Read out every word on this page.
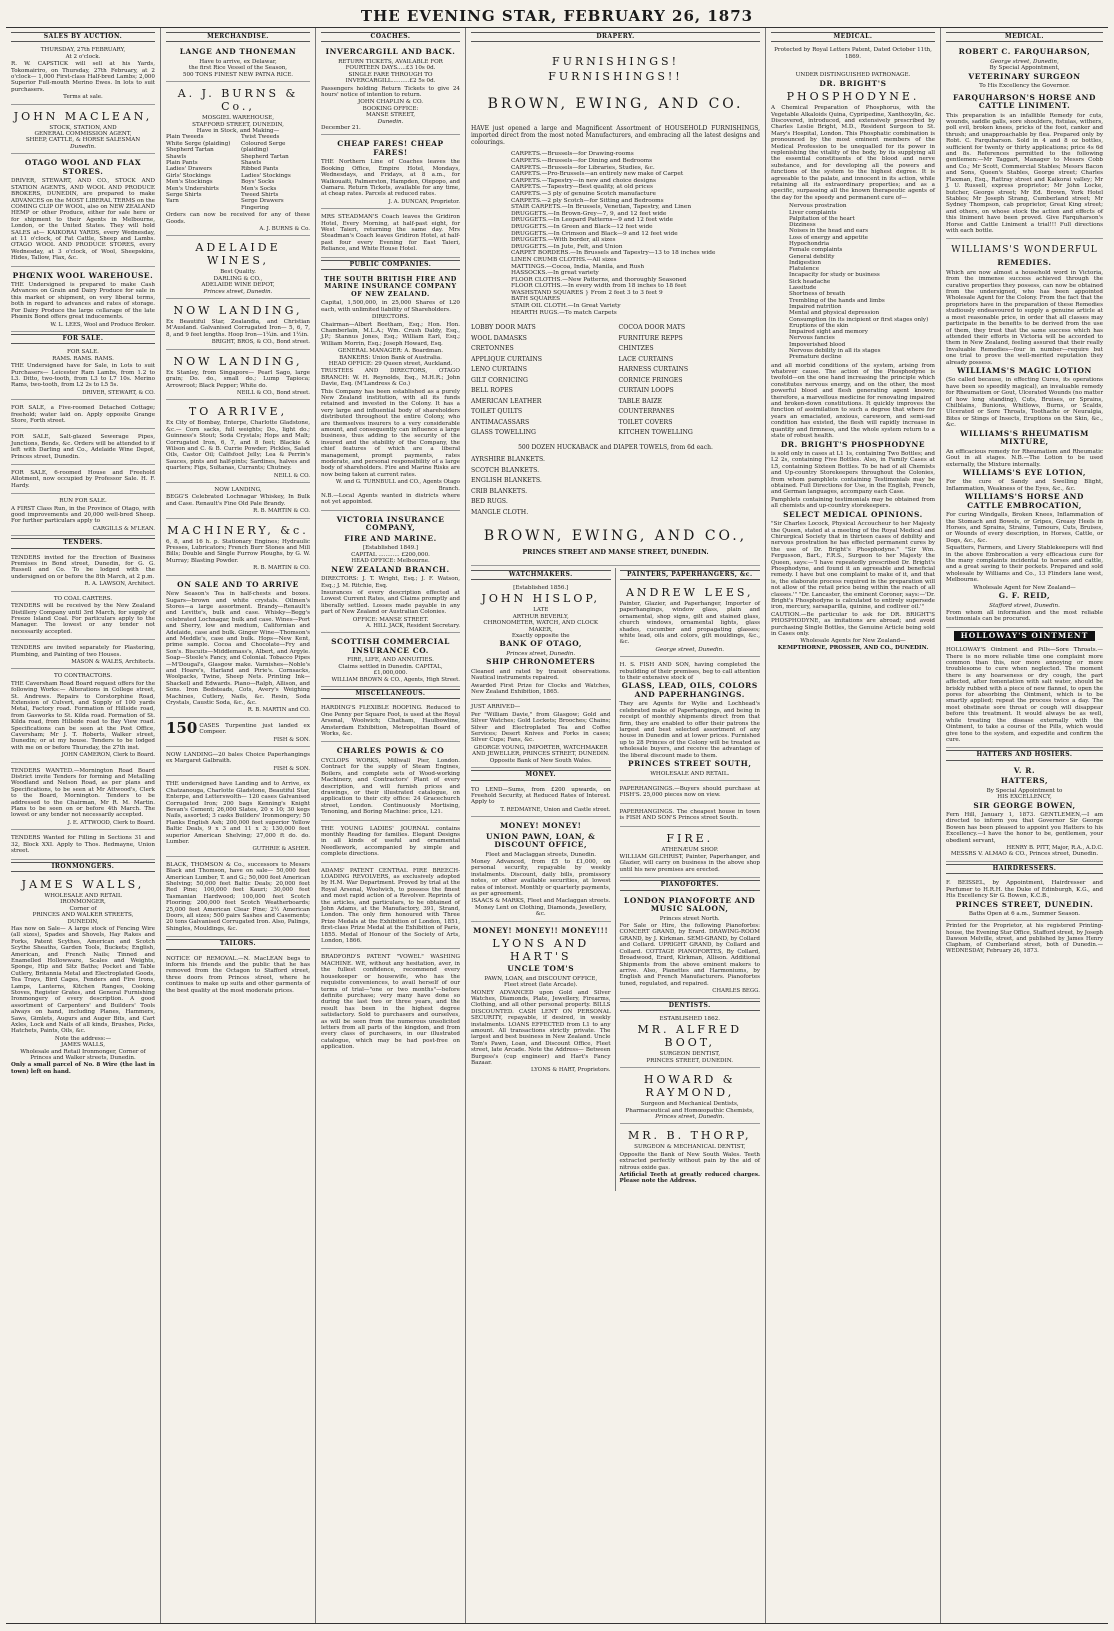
THE EVENING STAR, FEBRUARY 26, 1873
SALES BY AUCTION.
THURSDAY, 27th FEBRUARY,
At 2 o'clock.

R. W. CAPSTICK will sell at his Yards, Tokomairiro, on Thursday, 27th February, at 2 o'clock— 1,000 First-class Half-bred Lambs; 2,000 Superior Full-mouth Merino Ewes. In lots to suit purchasers.

Terms at sale.
JOHN MACLEAN,
STOCK, STATION, AND
GENERAL COMMISSION AGENT,
SHEEP, CATTLE, & HORSE SALESMAN
Dunedin.
OTAGO WOOL AND FLAX STORES.

DRIVER, STEWART, AND CO., STOCK AND STATION AGENTS, AND WOOL AND PRODUCE BROKERS, DUNEDIN, are prepared to make ADVANCES on the MOST LIBERAL TERMS on the COMING CLIP OF WOOL, also on NEW ZEALAND HEMP or other Produce, either for sale here or for shipment to their Agents in Melbourne, London, or the United States. They will hold SALES at— KAIKORAI YARDS, every Wednesday, at 11 o'clock, of Fat Cattle, Sheep and Lambs. OTAGO WOOL AND PRODUCE STORES, every Wednesday, at 3 o'clock, of Wool, Sheepskins, Hides, Tallow, Flax, &c.

PHŒNIX WOOL WAREHOUSE.

THE Undersigned is prepared to make Cash Advances on Grain and Dairy Produce for sale in this market or shipment, on very liberal terms, both in regard to advances and rates of storage. For Dairy Produce the large cellarage of the late Phœnix Bond offers great inducements.

W. L. LEES, Wool and Produce Broker.
FOR SALE.
FOR SALE.
RAMS. RAMS. RAMS.

THE Undersigned have for Sale, in Lots to suit Purchasers— Leicester Ram Lambs, from 1.2 to L3. Ditto, two-tooth, from L3 to L7 10s. Merino Rams, two-tooth, from L2 2s to L5 5s.

DRIVER, STEWART, & CO.

FOR SALE, a Five-roomed Detached Cottage; freehold; water laid on. Apply opposite Grange Store, Forth street.

FOR SALE, Salt-glazed Sewerage Pipes, Junctions, Bends, &c. Orders will be attended to if left with Darling and Co., Adelaide Wine Depot, Princes street, Dunedin.

FOR SALE, 6-roomed House and Freehold Allotment, now occupied by Professor Sale. H. F. Hardy.

RUN FOR SALE.

A FIRST Class Run, in the Province of Otago, with good improvements and 20,000 well-bred Sheep. For further particulars apply to

CARGILLS & M'LEAN.
TENDERS.

TENDERS invited for the Erection of Business Premises in Bond street, Dunedin, for G. G. Russell and Co. To be lodged with the undersigned on or before the 8th March, at 2 p.m.

R. A. LAWSON, Architect.
TO COAL CARTERS.

TENDERS will be received by the New Zealand Distillery Company until 3rd March, for supply of Freeze Island Coal. For particulars apply to the Manager. The lowest or any tender not necessarily accepted.

TENDERS are invited separately for Plastering, Plumbing, and Painting of two Houses.

MASON & WALES, Architects.
TO CONTRACTORS.

THE Caversham Road Board request offers for the following Works:— Alterations in College street, St. Andrews. Repairs to Corstorphine Road, Extension of Culvert, and Supply of 100 yards Metal, Factory road. Formation of Hillside road, from Gasworks to St. Kilda road. Formation of St. Kilda road, from Hillside road to Bay View road. Specifications can be seen at the Post Office, Caversham; Mr J. T. Roberts, Walker street, Dunedin; or at my house. Tenders to be lodged with me on or before Thursday, the 27th inst.

JOHN CAMERON, Clerk to Board.

TENDERS WANTED.—Mornington Road Board District invite Tenders for forming and Metalling Woodland and Nelson Road, as per plans and Specifications, to be seen at Mr Attwood's, Clerk to the Board, Mornington. Tenders to be addressed to the Chairman, Mr R. M. Martin. Plans to be seen on or before 4th March. The lowest or any tender not necessarily accepted.

J. E. ATTWOOD, Clerk to Board.

TENDERS Wanted for Filling in Sections 31 and 32, Block XXI. Apply to Thos. Redmayne, Union street.

IRONMONGERS.
JAMES WALLS,
WHOLESALE AND RETAIL
IRONMONGER,
Corner of
PRINCES AND WALKER STREETS,
DUNEDIN,

Has now on Sale— A large stock of Fencing Wire (all sizes), Spades and Shovels, Hay Rakes and Forks, Patent Scythes, American and Scotch Scythe Sheaths, Garden Tools, Buckets; English, American, and French Nails; Tinned and Enamelled Hollowware, Scales and Weights, Sponge, Hip and Sitz Baths; Pocket and Table Cutlery, Britannia Metal and Electroplated Goods, Tea Trays, Bird Cages, Fenders and Fire Irons, Lamps, Lanterns, Kitchen Ranges, Cooking Stoves, Register Grates, and General Furnishing Ironmongery of every description. A good assortment of Carpenters' and Builders' Tools always on hand, including Planes, Hammers, Saws, Gimlets, Augurs and Auger Bits, and Cart Axles, Lock and Nails of all kinds, Brushes, Picks, Hatchets, Paints, Oils, &c.

Note the address:—
JAMES WALLS,
Wholesale and Retail Ironmonger, Corner of Princes and Walker streets, Dunedin.

Only a small parcel of No. 8 Wire (the last in town) left on hand.

MERCHANDISE.
LANGE AND THONEMAN
Have to arrive, ex Delawar,
the first Rice Vessel of the Season,
500 TONS FINEST NEW PATNA RICE.
A. J. BURNS & Co.,
MOSGIEL WAREHOUSE,
STAFFORD STREET, DUNEDIN,
Have in Stock, and Making—

Plain Tweeds

White Serge (plaiding)

Shepherd Tartan Shawls

Plain Pants

Ladies' Drawers

Girls' Stockings

Men's Stockings

Men's Undershirts

Serge Shirts

Yarn

Twist Tweeds

Coloured Serge (plaiding)

Shepherd Tartan Shawls

Ribbed Pants

Ladies' Stockings

Boys' Socks

Men's Socks

Tweed Shirts

Serge Drawers

Fingering

Orders can now be received for any of these Goods.

A. J. BURNS & Co.
ADELAIDE WINES,
Best Quality.
DARLING & CO.,
ADELAIDE WINE DEPOT,
Princes street, Dunedin.
NOW LANDING,

Ex Beautiful Star, Zealandia, and Christian M'Ausland. Galvanised Corrugated Iron— 5, 6, 7, 8, and 9 feet lengths. Hoop Iron—1¼in. and 1½in.

BRIGHT, BROS, & CO., Bond street.
NOW LANDING,

Ex Stanley, from Singapore— Pearl Sago, large grain; Do. do., small do.; Lump Tapioca; Arrowroot; Black Pepper; White do.

NEILL & CO., Bond street.
TO ARRIVE,

Ex City of Bombay, Enterpe, Charlotte Gladstone, &c.— Corn sacks, full weights; Do., light do.; Guinness's Stout; Soda Crystals; Hops and Malt; Corrugated Iron, 6, 7, and 8 feet; Blackie & Wilson and C. & B. Currie Powder; Pickles, Salad Oils, Castor Oil; Calfsfoot Jelly; Lea & Perrin's Sauces, pints and half-pints; Sardines, halves and quarters; Figs, Sultanas, Currants; Chutney.

NEILL & CO.
NOW LANDING,

BEGG'S Celebrated Lochnagar Whiskey, In Bulk and Case. Renault's Fine Old Pale Brandy.

R. B. MARTIN & CO.
MACHINERY, &c.

6, 8, and 16 h. p. Stationary Engines; Hydraulic Presses, Lubricators; French Burr Stones and Mill Bills; Double and Single Furrow Ploughs, by G. W. Murray; Blasting Powder.

R. B. MARTIN & CO.
ON SALE AND TO ARRIVE

New Season's Tea in half-chests and boxes. Sugars—brown and white crystals. Oilmen's Stores—a large assortment. Brandy—Renault's and Levitte's, bulk and case. Whisky—Begg's celebrated Lochnagar, bulk and case. Wines—Port and Sherry, low and medium, Californian and Adelaide, case and bulk. Ginger Wine—Thomson's and Meddle's, case and bulk. Hops—New Kent, prime sample. Cocoa and Chocolate—Fry and Son's. Biscuits—Middlemass's, Albert, and Argyle. Soap—Steele's Fancy, and Colonial. Tobacco Pipes—M'Dougal's, Glasgow make. Varnishes—Noble's and Hoare's, Harland and Pirie's. Cornsacks, Woolpacks, Twine, Sheep Nets. Printing Ink—Shackell and Edwards. Piano—Ralph, Allison, and Sons. Iron Bedsteads, Cots, Avery's Weighing Machines, Cutlery, Nails, &c. Resin, Soda Crystals, Caustic Soda, &c., &c.

R. B. MARTIN and CO.
150 CASES Turpentine just landed ex Compeer.

FISH & SON.

NOW LANDING—20 bales Choice Paperhangings ex Margaret Galbraith.

FISH & SON.

THE undersigned have Landing and to Arrive, ex Chatzanouga, Charlotte Gladstone, Beautiful Star, Enterpe, and Letterswolth— 120 cases Galvanised Corrugated Iron; 200 bags Kenning's Knight Bevan's Cement; 26,000 Slates, 20 x 10; 30 kegs Nails, assorted; 3 casks Builders' Ironmongery; 50 Flanks English Ash; 200,000 feet superior Yellow Baltic Deals, 9 x 3 and 11 x 3; 130,000 feet superior American Shelving; 27,000 ft do. do. Lumber.

GUTHRIE & ASHER.

BLACK, THOMSON & Co., successors to Messrs Black and Thomson, have on sale— 50,000 feet American Lumber, T. and G.; 50,000 feet American Shelving; 50,000 feet Baltic Deals; 20,000 feet Red Pine; 100,000 feet Kauri; 30,000 feet Tasmanian Hardwood; 100,000 feet Scotch Flooring; 200,000 feet Scotch Weatherboards; 25,000 feet American Clear Pine; 2½ American Doors, all sizes; 500 pairs Sashes and Casements; 20 tons Galvanised Corrugated Iron. Also, Palings, Shingles, Mouldings, &c.

TAILORS.

NOTICE OF REMOVAL.—N. MacLEAN begs to inform his friends and the public that he has removed from the Octagon to Stafford street, three doors from Princes street, where he continues to make up suits and other garments of the best quality at the most moderate prices.

COACHES.
INVERCARGILL AND BACK.
RETURN TICKETS, AVAILABLE FOR
FOURTEEN DAYS.....£3 10s 0d.
SINGLE FARE THROUGH TO INVERCARGILL..........£2 5s 0d.

Passengers holding Return Tickets to give 24 hours' notice of intention to return.

JOHN CHAPLIN & CO.
BOOKING OFFICE:
MANSE STREET,
Dunedin.
December 21.
CHEAP FARES! CHEAP FARES!

THE Northern Line of Coaches leaves the Booking Office, Empire Hotel, Mondays, Wednesdays, and Fridays, at 8 a.m., for Waikouaiti, Palmerston, Hampden, Otepopo, and Oamaru. Return Tickets, available for any time, at cheap rates. Parcels at reduced rates.

J. A. DUNCAN, Proprietor.

MRS STEADMAN'S Coach leaves the Gridiron Hotel, Every Morning, at half-past eight, for West Taieri, returning the same day. Mrs Steadman's Coach leaves Gridiron Hotel, at half-past four every Evening for East Taieri, Reliance, and White House Hotel.

PUBLIC COMPANIES.
THE SOUTH BRITISH FIRE AND MARINE INSURANCE COMPANY OF NEW ZEALAND.

Capital, 1,500,000, in 25,000 Shares of L20 each, with unlimited liability of Shareholders.

DIRECTORS.

Chairman—Albert Beetham, Esq.; Hon. Hon. Chamberlain, M.L.A.; Wm. Crush Daldy, Esq., J.P.; Stannus Jones, Esq.; William Earl, Esq.; William Morrin, Esq.; Joseph Howard, Esq.

GENERAL MANAGER: A. Boardman.
BANKERS: Union Bank of Australia.
HEAD OFFICE: 29 Queen street, Auckland.

TRUSTEES AND DIRECTORS, OTAGO BRANCH: W. H. Reynolds, Esq., M.H.R.; John Davie, Esq. (M'Landress & Co.)

This Company has been established as a purely New Zealand institution, with all its funds retained and invested in the Colony. It has a very large and influential body of shareholders distributed throughout the entire Colony, who are themselves insurers to a very considerable amount, and consequently can influence a large business, thus adding to the security of the insured and the stability of the Company, the chief features of which are a liberal management, prompt payments, rates moderate, and personal responsibility of a large body of shareholders. Fire and Marine Risks are now being taken at current rates.

W. and G. TURNBULL and CO., Agents Otago Branch.

N.B.—Local Agents wanted in districts where not yet appointed.

VICTORIA INSURANCE COMPANY,
FIRE AND MARINE.
[Established 1849.]
CAPITAL ............ £200,000.
HEAD OFFICE: Melbourne.
NEW ZEALAND BRANCH.

DIRECTORS: J. T. Wright, Esq.; J. F. Watson, Esq.; J. M. Ritchie, Esq.

Insurances of every description effected at Lowest Current Rates, and Claims promptly and liberally settled. Losses made payable in any part of New Zealand or Australian Colonies.

OFFICE: MANSE STREET.
A. HILL JACK, Resident Secretary.
SCOTTISH COMMERCIAL INSURANCE CO.
FIRE, LIFE, AND ANNUITIES.
Claims settled in Dunedin. CAPITAL, £1,000,000.
WILLIAM BROWN & CO., Agents, High Street.
MISCELLANEOUS.

HARDING'S FLEXIBLE ROOFING. Reduced to One Penny per Square Foot, is used at the Royal Arsenal, Woolwich; Chatham, Haulbowline, Amsterdam Exhibition, Metropolitan Board of Works, &c.

CHARLES POWIS & CO

CYCLOPS WORKS, Millwall Pier, London. Contract for the supply of Steam Engines, Boilers, and complete sets of Wood-working Machinery, and Contractors' Plant of every description, and will furnish prices and drawings, or their illustrated catalogue, on application to their city office: 24 Gracechurch street, London. Continuously Mortising, Tenoning, and Boring Machine: price, L21.

THE YOUNG LADIES' JOURNAL contains monthly Reading for families. Elegant Designs in all kinds of useful and ornamental Needlework, accompanied by simple and complete directions.

ADAMS' PATENT CENTRAL FIRE BREECH-LOADING REVOLVERS, as exclusively adopted by H.M. War Department. Proved by trial at the Royal Arsenal, Woolwich, to possess the finest and most rapid action of a Revolver. Reprints of the articles, and particulars, to be obtained of John Adams, at the Manufactory, 391, Strand, London. The only firm honoured with Three Prize Medals at the Exhibition of London, 1851, first-class Prize Medal at the Exhibition of Paris, 1855. Medal of Honour of the Society of Arts, London, 1866.

BRADFORD'S PATENT "VOWEL" WASHING MACHINE. WE, without any hesitation, aver, in the fullest confidence, recommend every housekeeper or housewife, who has the requisite conveniences, to avail herself of our terms of trial—"one or two months"—before definite purchase; very many have done so during the last two or three years, and the result has been in the highest degree satisfactory. Sold to purchasers and ourselves, as will be seen from the numerous unsolicited letters from all parts of the kingdom, and from every class of purchasers, in our illustrated catalogue, which may be had post-free on application.

DRAPERY.
FURNISHINGS!
FURNISHINGS!!
BROWN, EWING, AND CO.

HAVE just opened a large and Magnificent Assortment of HOUSEHOLD FURNISHINGS, imported direct from the most noted Manufacturers, and embracing all the latest designs and colourings.

CARPETS.—Brussels—for Drawing-rooms

CARPETS.—Brussels—for Dining and Bedrooms

CARPETS.—Brussels—for Libraries, Studies, &c.

CARPETS.—Pro-Brussels—an entirely new make of Carpet

CARPETS.—Tapestry—in new and choice designs

CARPETS.—Tapestry—Best quality, at old prices

CARPETS.—3 ply of genuine Scotch manufacture

CARPETS.—2 ply Scotch—for Sitting and Bedrooms

STAIR CARPETS.—In Brussels, Venetian, Tapestry, and Linen

DRUGGETS.—In Brown-Grey—7, 9, and 12 feet wide

DRUGGETS.—In Leopard Patterns—9 and 12 feet wide

DRUGGETS.—In Green and Black—12 feet wide

DRUGGETS.—In Crimson and Black—9 and 12 feet wide

DRUGGETS.—With border, all sizes

DRUGGETS.—In Jute, Felt, and Union

CARPET BORDERS.—In Brussels and Tapestry—13 to 18 inches wide

LINEN CRUMB CLOTHS.—All sizes

MATTINGS.—Cocoa, India, Manila, and Rush

HASSOCKS.—In great variety

FLOOR CLOTHS.—New Patterns, and thoroughly Seasoned

FLOOR CLOTHS.—In every width from 18 inches to 18 feet

WASHSTAND SQUARES } From 2 feet 3 to 3 feet 9

BATH SQUARES

STAIR OIL CLOTH.—In Great Variety

HEARTH RUGS.—To match Carpets

LOBBY DOOR MATS

WOOL DAMASKS

CRETONNES

APPLIQUE CURTAINS

LENO CURTAINS

GILT CORNICING

BELL ROPES

AMERICAN LEATHER

TOILET QUILTS

ANTIMACASSARS

GLASS TOWELLING

COCOA DOOR MATS

FURNITURE REPPS

CHINTZES

LACE CURTAINS

HARNESS CURTAINS

CORNICE FRINGES

CURTAIN LOOPS

TABLE BAIZE

COUNTERPANES

TOILET COVERS

KITCHEN TOWELLING

500 DOZEN HUCKABACK and DIAPER TOWELS, from 6d each.

AYRSHIRE BLANKETS.

SCOTCH BLANKETS.

ENGLISH BLANKETS.

CRIB BLANKETS.

BED RUGS.

MANGLE CLOTH.

BROWN, EWING, AND CO.,
PRINCES STREET AND MANSE STREET, DUNEDIN.
WATCHMAKERS.
[Established 1856.]
JOHN HISLOP,
LATE
ARTHUR BEVERLY,
CHRONOMETER, WATCH, AND CLOCK MAKER,
Exactly opposite the
BANK OF OTAGO,
Princes street, Dunedin.
SHIP CHRONOMETERS

Cleaned and rated by transit observations. Nautical instruments repaired.

Awarded First Prize for Clocks and Watches, New Zealand Exhibition, 1865.

JUST ARRIVED—

Per "William Davie," from Glasgow; Gold and Silver Watches; Gold Lockets; Brooches; Chains; Silver and Electroplated Tea and Coffee Services; Desert Knives and Forks in cases; Silver Cups; Fans, &c.

GEORGE YOUNG, IMPORTER, WATCHMAKER AND JEWELLER, PRINCES STREET, DUNEDIN.
Opposite Bank of New South Wales.
MONEY.

TO LEND—Sums, from £200 upwards, on Freehold Security, at Reduced Rates of Interest. Apply to

T. REDMAYNE, Union and Castle street.
MONEY! MONEY!
UNION PAWN, LOAN, & DISCOUNT OFFICE,
Fleet and Maclaggan streets, Dunedin.

Money Advanced, from £5 to £1,000, on personal security, repayable by weekly instalments. Discount, daily bills, promissory notes, or other available securities, at lowest rates of interest. Monthly or quarterly payments, as per agreement.

ISAACS & MARKS, Fleet and Maclaggan streets. Money Lent on Clothing, Diamonds, Jewellery, &c.
MONEY! MONEY!! MONEY!!!
LYONS AND HART'S
UNCLE TOM'S
PAWN, LOAN, and DISCOUNT OFFICE,
Fleet street (late Arcade).

MONEY ADVANCED upon Gold and Silver Watches, Diamonds, Plate, Jewellery, Firearms, Clothing, and all other personal property. BILLS DISCOUNTED. CASH LENT ON PERSONAL SECURITY, repayable, if desired, in weekly instalments. LOANS EFFECTED from L1 to any amount. All transactions strictly private. The largest and best business in New Zealand. Uncle Tom's Pawn, Loan, and Discount Office, Fleet street, late Arcade. Note the Address— Between Burgess's (cup engineer) and Hart's Fancy Bazaar.

LYONS & HART, Proprietors.
PAINTERS, PAPERHANGERS, &c.
ANDREW LEES,

Painter, Glazier, and Paperhanger, Importer of paperhangings, window glass, plain and ornamental, shop signs, gilt and stained glass, church windows, ornamental lights, glass shades, cucumber and propagating glasses; white lead, oils and colors, gilt mouldings, &c., &c.

George street, Dunedin.

H. S. FISH AND SON, having completed the rebuilding of their premises, beg to call attention to their extensive stock of

GLASS, LEAD, OILS, COLORS AND PAPERHANGINGS.

They are Agents for Wylie and Lochhead's celebrated make of Paperhangings, and being in receipt of monthly shipments direct from that firm, they are enabled to offer their patrons the largest and best selected assortment of any house in Dunedin and at lower prices. Furnished up to 28 Princes of the Colony will be treated as wholesale buyers, and receive the advantage of the liberal discount made to them.

PRINCES STREET SOUTH,
WHOLESALE AND RETAIL.

PAPERHANGINGS.—Buyers should purchase at FISH'S. 25,000 pieces now on view.

PAPERHANGINGS. The cheapest house in town is FISH AND SON'S Princes street South.

FIRE.
ATHENÆUM SHOP.

WILLIAM GILCHRIST, Painter, Paperhanger, and Glazier, will carry on business in the above shop until his new premises are erected.

PIANOFORTES.
LONDON PIANOFORTE AND MUSIC SALOON,
Princes street North.

For Sale or Hire, the following Pianofortes: CONCERT GRAND, by Erard. DRAWING-ROOM GRAND, by J. Kirkman. SEMI-GRAND, by Collard and Collard. UPRIGHT GRAND, by Collard and Collard. COTTAGE PIANOFORTES, By Collard, Broadwood, Erard, Kirkman, Allison. Additional Shipments from the above eminent makers to arrive. Also, Pianettes and Harmoniums, by English and French Manufacturers. Pianofortes tuned, regulated, and repaired.

CHARLES BEGG.
DENTISTS.
ESTABLISHED 1862.
MR. ALFRED BOOT,
SURGEON DENTIST,
PRINCES STREET, DUNEDIN.
HOWARD & RAYMOND,
Surgeon and Mechanical Dentists,
Pharmaceutical and Homœopathic Chemists,
Princes street, Dunedin.
MR. B. THORP,
SURGEON & MECHANICAL DENTIST,

Opposite the Bank of New South Wales. Teeth extracted perfectly without pain by the aid of nitrous oxide gas.

Artificial Teeth at greatly reduced charges. Please note the Address.

MEDICAL.
Protected by Royal Letters Patent, Dated October 11th, 1869.
UNDER DISTINGUISHED PATRONAGE.
DR. BRIGHT'S
PHOSPHODYNE.

A Chemical Preparation of Phosphorus, with the Vegetable Alkaloids Quina, Cypripedine, Xanthoxylin, &c. Discovered, introduced, and extensively prescribed by Charles Leslie Bright, M.D., Resident Surgeon to St. Mary's Hospital, London. This Phosphatic combination is pronounced by the most eminent members of the Medical Profession to be unequalled for its power in replenishing the vitality of the body, by its supplying all the essential constituents of the blood and nerve substance, and for developing all the powers and functions of the system to the highest degree. It is agreeable to the palate, and innocent in its action, while retaining all its extraordinary properties; and as a specific, surpassing all the known therapeutic agents of the day for the speedy and permanent cure of—

Nervous prostration

Liver complaints

Palpitation of the heart

Dizziness

Noises in the head and ears

Loss of energy and appetite

Hypochondria

Female complaints

General debility

Indigestion

Flatulence

Incapacity for study or business

Sick headache

Lassitude

Shortness of breath

Trembling of the hands and limbs

Impaired nutrition

Mental and physical depression

Consumption (in its incipient or first stages only)

Eruptions of the skin

Impaired sight and memory

Nervous fancies

Impoverished blood

Nervous debility in all its stages

Premature decline

and all morbid conditions of the system, arising from whatever cause. The action of the Phosphodyne is twofold—on the one hand increasing the principle which constitutes nervous energy, and on the other, the most powerful blood and flesh generating agent known; therefore, a marvellous medicine for renovating impaired and broken-down constitutions. It quickly improves the function of assimilation to such a degree that where for years an emaciated, anxious, careworn, and semi-sad condition has existed, the flesh will rapidly increase in quantity and firmness, and the whole system return to a state of robust health.

DR. BRIGHT'S PHOSPHODYNE

is sold only in cases at L1 1s, containing Two Bottles; and L2 2s, containing Five Bottles. Also, in Family Cases at L5, containing Sixteen Bottles. To be had of all Chemists and Up-country Storekeepers throughout the Colonies, from whom pamphlets containing Testimonials may be obtained. Full Directions for Use, in the English, French, and German languages, accompany each Case.

Pamphlets containing testimonials may be obtained from all chemists and up-country storekeepers.

SELECT MEDICAL OPINIONS.

"Sir Charles Locock, Physical Accoucheur to her Majesty the Queen, stated at a meeting of the Royal Medical and Chirurgical Society that in thirteen cases of debility and nervous prostration he has effected permanent cures by the use of Dr. Bright's Phosphodyne." "Sir Wm. Fergusson, Bart., F.R.S., Surgeon to her Majesty the Queen, says:—'I have repeatedly prescribed Dr. Bright's Phosphodyne, and found it an agreeable and beneficial remedy. I have but one complaint to make of it, and that is, the elaborate process required in the preparation will not allow of the retail price being within the reach of all classes.'" "Dr. Lancaster, the eminent Coroner, says:—'Dr. Bright's Phosphodyne is calculated to entirely supersede iron, mercury, sarsaparilla, quinine, and codliver oil.'"

CAUTION.—Be particular to ask for DR. BRIGHT'S PHOSPHODYNE, as imitations are abroad; and avoid purchasing Single Bottles, the Genuine Article being sold in Cases only.

Wholesale Agents for New Zealand—
KEMPTHORNE, PROSSER, AND CO., DUNEDIN.
MEDICAL.
ROBERT C. FARQUHARSON,
George street, Dunedin,
By Special Appointment,
VETERINARY SURGEON
To His Excellency the Governor.
FARQUHARSON'S HORSE AND CATTLE LINIMENT.

This preparation is an infallible Remedy for cuts, wounds, saddle galls, sore shoulders, fistulas, withers, poll evil, broken knees, pricks of the foot, canker and thrush; and unapproachable by flea. Prepared only by Robt. C. Farquharson. Sold in 4 and 8 oz bottles, sufficient for twenty or thirty applications; price 4s 6d and 8s. References permitted to the following gentlemen:—Mr Taggart, Manager to Messrs Cobb and Co.; Mr Scott, Commercial Stables; Messrs Bacon and Sons, Queen's Stables, George street; Charles Flaxman, Esq., Rattray street and Kaikorai valley; Mr J. U. Russell, express proprietor; Mr John Locke, butcher, George street; Mr Ed. Brown, York Hotel Stables; Mr Joseph Strang, Cumberland street; Mr Sydney Thompson, cab proprietor, Great King street; and others, on whose stock the action and effects of this liniment have been proved. Give Farquharson's Horse and Cattle Liniment a trial!!! Full directions with each bottle.

WILLIAMS'S WONDERFUL
REMEDIES.

Which are now almost a household word in Victoria, from the immense success achieved through the curative properties they possess, can now be obtained from the undersigned, who has been appointed Wholesale Agent for the Colony. From the fact that the proprietors have in the preparation of these Remedies studiously endeavoured to supply a genuine article at a most reasonable price, in order that all classes may participate in the benefits to be derived from the use of them, they trust that the same success which has attended their efforts in Victoria will be accorded to them in New Zealand, feeling assured that their really Invaluable Remedies—four in number—require but one trial to prove the well-merited reputation they already possess.

WILLIAMS'S MAGIC LOTION

(So called because, in effecting Cures, its operations have been so speedily magical), an invaluable remedy for Rheumatism or Gout, Ulcerated Wounds (no matter of how long standing), Cuts, Bruises, or Sprains, Chilblains, Bunions, Whitlows, Burns, or Scalds, Ulcerated or Sore Throats, Toothache or Neuralgia, Bites or Stings of Insects, Eruptions on the Skin, &c., &c.

WILLIAMS'S RHEUMATISM MIXTURE,

An efficacious remedy for Rheumatism and Rheumatic Gout in all stages. N.B.—The Lotion to be used externally, the Mixture internally.

WILLIAMS'S EYE LOTION,

For the cure of Sandy and Swelling Blight, Inflammation, Weakness of the Eyes, &c., &c.

WILLIAMS'S HORSE AND CATTLE EMBROCATION,

For curing Windgalls, Broken Knees, Inflammation of the Stomach and Bowels, or Gripes, Greasy Heels in Horses, and Sprains, Strains, Tumours, Cuts, Bruises, or Wounds of every description, in Horses, Cattle, or Dogs, &c., &c.

Squatters, Farmers, and Livery Stablekeepers will find in the above Embrocation a very efficacious cure for the many complaints incidental to horses and cattle, and a great saving to their pockets. Prepared and sold wholesale by Williams and Co., 13 Flinders lane west, Melbourne.

Wholesale Agent for New Zealand—
G. F. REID,
Stafford street, Dunedin.

From whom all information and the most reliable testimonials can be procured.

HOLLOWAY'S OINTMENT

HOLLOWAY'S Ointment and Pills—Sore Throats.—There is no more reliable time one complaint more common than this, nor more annoying or more troublesome to cure when neglected. The moment there is any hoarseness or dry cough, the part affected, after fomentation with salt water, should be briskly rubbed with a piece of new flannel, to open the pores for absorbing the Ointment, which is to be smartly applied; repeat the process twice a day. The most obstinate sore throat or cough will disappear before this treatment. It would always be as well, while treating the disease externally with the Ointment, to take a course of the Pills, which would give tone to the system, and expedite and confirm the cure.

HATTERS AND HOSIERS.
V. R.
HATTERS,
By Special Appointment to
HIS EXCELLENCY,
SIR GEORGE BOWEN,

Fern Hill, January 1, 1873. GENTLEMEN,—I am directed to inform you that Governor Sir George Bowen has been pleased to appoint you Hatters to his Excellency.—I have the honor to be, gentlemen, your obedient servant,

HENRY B. PITT, Major, R.A., A.D.C.
MESSRS V. ALMAO & CO., Princes street, Dunedin.
HAIRDRESSERS.

F. BEISSEL, by Appointment, Hairdresser and Perfumer to H.R.H. the Duke of Edinburgh, K.G., and His Excellency Sir G. Bowen, K.C.B.,

PRINCES STREET, DUNEDIN.
Baths Open at 6 a.m., Summer Season.

Printed for the Proprietor, at his registered Printing-house, the Evening Star Office, Stafford street, by Joseph Dawson Melville, street, and published by James Henry Clapham, of Cumberland street, both of Dunedin.—WEDNESDAY, February 26, 1873.
